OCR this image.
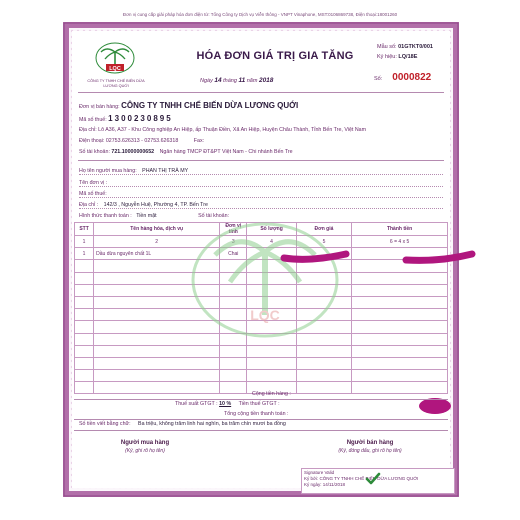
Đơn vị cung cấp giải pháp hóa đơn điện tử: Tổng Công ty Dịch vụ Viễn thông - VNPT Vinaphone, MST:0106869738, Điện thoại:18001260
LQC
CÔNG TY TNHH CHẾ BIẾN DỪA
LƯƠNG QUỚI
HÓA ĐƠN GIÁ TRỊ GIA TĂNG
Ngày 14 tháng 11 năm 2018
Mẫu số: 01GTKT0/001
Ký hiệu: LQ/18E
Số: 0000822
Đơn vị bán hàng: CÔNG TY TNHH CHẾ BIẾN DỪA LƯƠNG QUỚI
Mã số thuế: 1300230895
Địa chỉ: Lô A36, A37 - Khu Công nghiệp An Hiệp, ấp Thuận Điền, Xã An Hiệp, Huyện Châu Thành, Tỉnh Bến Tre, Việt Nam
Điện thoại: 02753.626313 - 02753.626318	Fax:
Số tài khoản: 721.10000000652 Ngân hàng TMCP ĐT&PT Việt Nam - Chi nhánh Bến Tre
Họ tên người mua hàng: PHAN THỊ TRÀ MY
Tên đơn vị :
Mã số thuế:
Địa chỉ : 142/3 , Nguyễn Huệ, Phường 4, TP. Bến Tre
Hình thức thanh toán : Tiền mặt	Số tài khoản:
STT	Tên hàng hóa, dịch vụ	Đơn vị tính	Số lượng	Đơn giá	Thành tiền
1	2	3	4	5	6 = 4 x 5
1	Dầu dừa nguyên chất 1L	Chai			

LQC
Cộng tiền hàng :
Thuế suất GTGT : 10 % Tiền thuế GTGT :
Tổng cộng tiền thanh toán :
Số tiền viết bằng chữ: Ba triệu, không trăm linh hai nghìn, ba trăm chín mươi ba đồng
Người mua hàng
(Ký, ghi rõ họ tên)
Người bán hàng
(Ký, đóng dấu, ghi rõ họ tên)
Signature Valid
Ký bởi: CÔNG TY TNHH CHẾ BIẾN DỪA LƯƠNG QUỚI
Ký ngày: 14/11/2018
